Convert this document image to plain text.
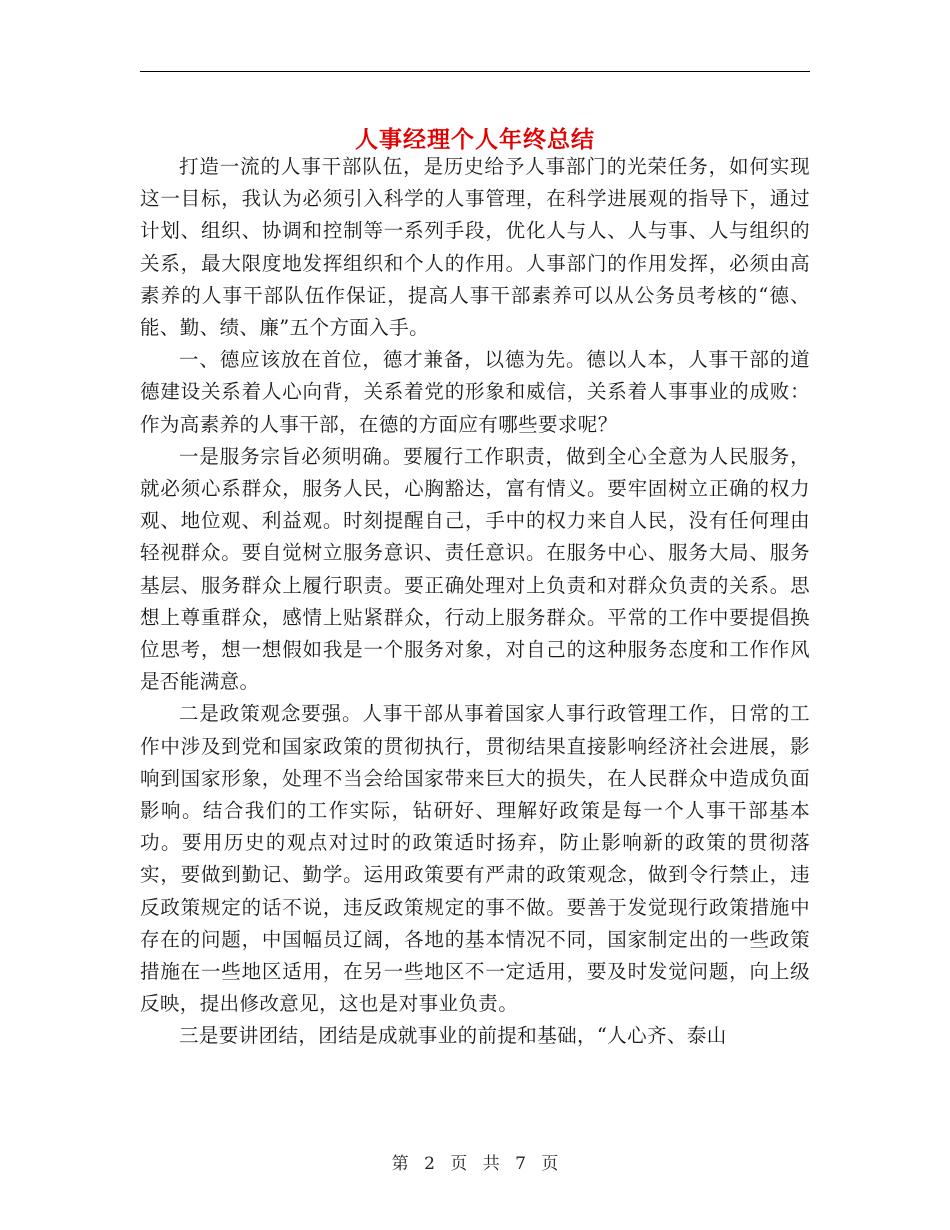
人事经理个人年终总结

打造一流的人事干部队伍，是历史给予人事部门的光荣任务，如何实现这一目标，我认为必须引入科学的人事管理，在科学进展观的指导下，通过计划、组织、协调和控制等一系列手段，优化人与人、人与事、人与组织的关系，最大限度地发挥组织和个人的作用。人事部门的作用发挥，必须由高素养的人事干部队伍作保证，提高人事干部素养可以从公务员考核的“德、能、勤、绩、廉”五个方面入手。

一、德应该放在首位，德才兼备，以德为先。德以人本，人事干部的道德建设关系着人心向背，关系着党的形象和威信，关系着人事事业的成败：作为高素养的人事干部，在德的方面应有哪些要求呢？

一是服务宗旨必须明确。要履行工作职责，做到全心全意为人民服务，就必须心系群众，服务人民，心胸豁达，富有情义。要牢固树立正确的权力观、地位观、利益观。时刻提醒自己，手中的权力来自人民，没有任何理由轻视群众。要自觉树立服务意识、责任意识。在服务中心、服务大局、服务基层、服务群众上履行职责。要正确处理对上负责和对群众负责的关系。思想上尊重群众，感情上贴紧群众，行动上服务群众。平常的工作中要提倡换位思考，想一想假如我是一个服务对象，对自己的这种服务态度和工作作风是否能满意。

二是政策观念要强。人事干部从事着国家人事行政管理工作，日常的工作中涉及到党和国家政策的贯彻执行，贯彻结果直接影响经济社会进展，影响到国家形象，处理不当会给国家带来巨大的损失，在人民群众中造成负面影响。结合我们的工作实际，钻研好、理解好政策是每一个人事干部基本功。要用历史的观点对过时的政策适时扬弃，防止影响新的政策的贯彻落实，要做到勤记、勤学。运用政策要有严肃的政策观念，做到令行禁止，违反政策规定的话不说，违反政策规定的事不做。要善于发觉现行政策措施中存在的问题，中国幅员辽阔，各地的基本情况不同，国家制定出的一些政策措施在一些地区适用，在另一些地区不一定适用，要及时发觉问题，向上级反映，提出修改意见，这也是对事业负责。

三是要讲团结，团结是成就事业的前提和基础，“人心齐、泰山

第 2 页 共 7 页
